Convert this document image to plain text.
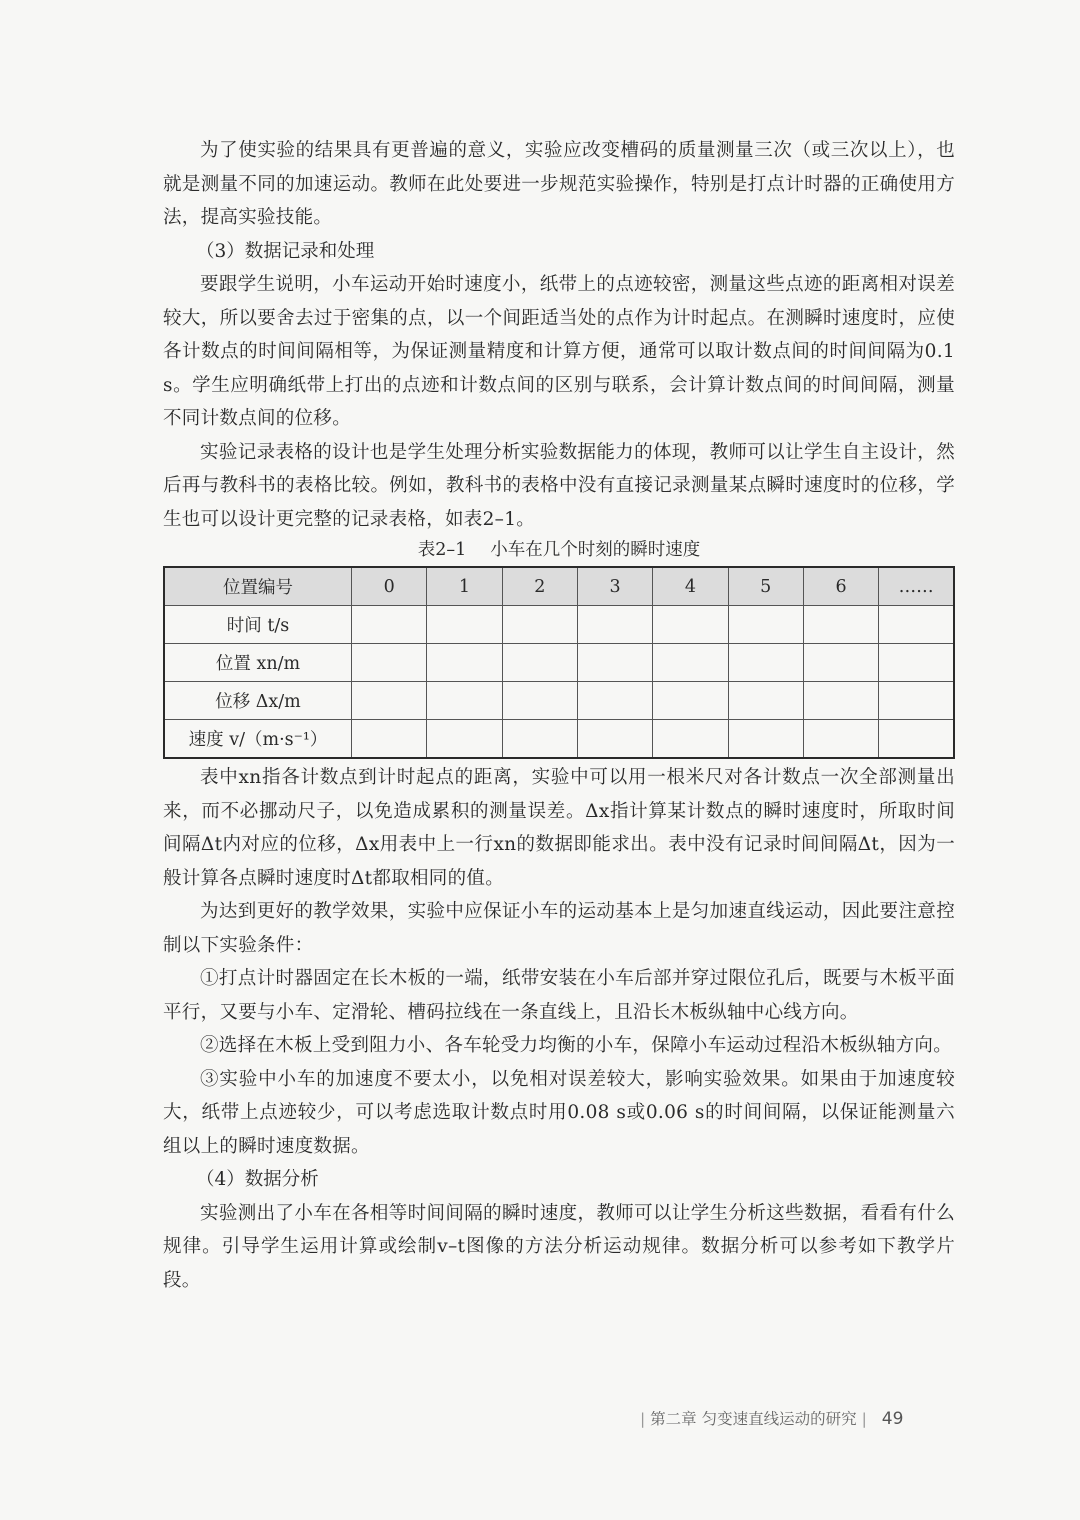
为了使实验的结果具有更普遍的意义，实验应改变槽码的质量测量三次（或三次以上），也就是测量不同的加速运动。教师在此处要进一步规范实验操作，特别是打点计时器的正确使用方法，提高实验技能。

（3）数据记录和处理

要跟学生说明，小车运动开始时速度小，纸带上的点迹较密，测量这些点迹的距离相对误差较大，所以要舍去过于密集的点，以一个间距适当处的点作为计时起点。在测瞬时速度时，应使各计数点的时间间隔相等，为保证测量精度和计算方便，通常可以取计数点间的时间间隔为0.1 s。学生应明确纸带上打出的点迹和计数点间的区别与联系，会计算计数点间的时间间隔，测量不同计数点间的位移。

实验记录表格的设计也是学生处理分析实验数据能力的体现，教师可以让学生自主设计，然后再与教科书的表格比较。例如，教科书的表格中没有直接记录测量某点瞬时速度时的位移，学生也可以设计更完整的记录表格，如表2–1。

表2–1 小车在几个时刻的瞬时速度
位置编号	0	1	2	3	4	5	6	……
时间 t/s								
位置 xn/m								
位移 Δx/m								
速度 v/（m·s⁻¹）								

表中xn指各计数点到计时起点的距离，实验中可以用一根米尺对各计数点一次全部测量出来，而不必挪动尺子，以免造成累积的测量误差。Δx指计算某计数点的瞬时速度时，所取时间间隔Δt内对应的位移，Δx用表中上一行xn的数据即能求出。表中没有记录时间间隔Δt，因为一般计算各点瞬时速度时Δt都取相同的值。

为达到更好的教学效果，实验中应保证小车的运动基本上是匀加速直线运动，因此要注意控制以下实验条件：

①打点计时器固定在长木板的一端，纸带安装在小车后部并穿过限位孔后，既要与木板平面平行，又要与小车、定滑轮、槽码拉线在一条直线上，且沿长木板纵轴中心线方向。

②选择在木板上受到阻力小、各车轮受力均衡的小车，保障小车运动过程沿木板纵轴方向。

③实验中小车的加速度不要太小，以免相对误差较大，影响实验效果。如果由于加速度较大，纸带上点迹较少，可以考虑选取计数点时用0.08 s或0.06 s的时间间隔，以保证能测量六组以上的瞬时速度数据。

（4）数据分析

实验测出了小车在各相等时间间隔的瞬时速度，教师可以让学生分析这些数据，看看有什么规律。引导学生运用计算或绘制v–t图像的方法分析运动规律。数据分析可以参考如下教学片段。

| 第二章 匀变速直线运动的研究 | 49
